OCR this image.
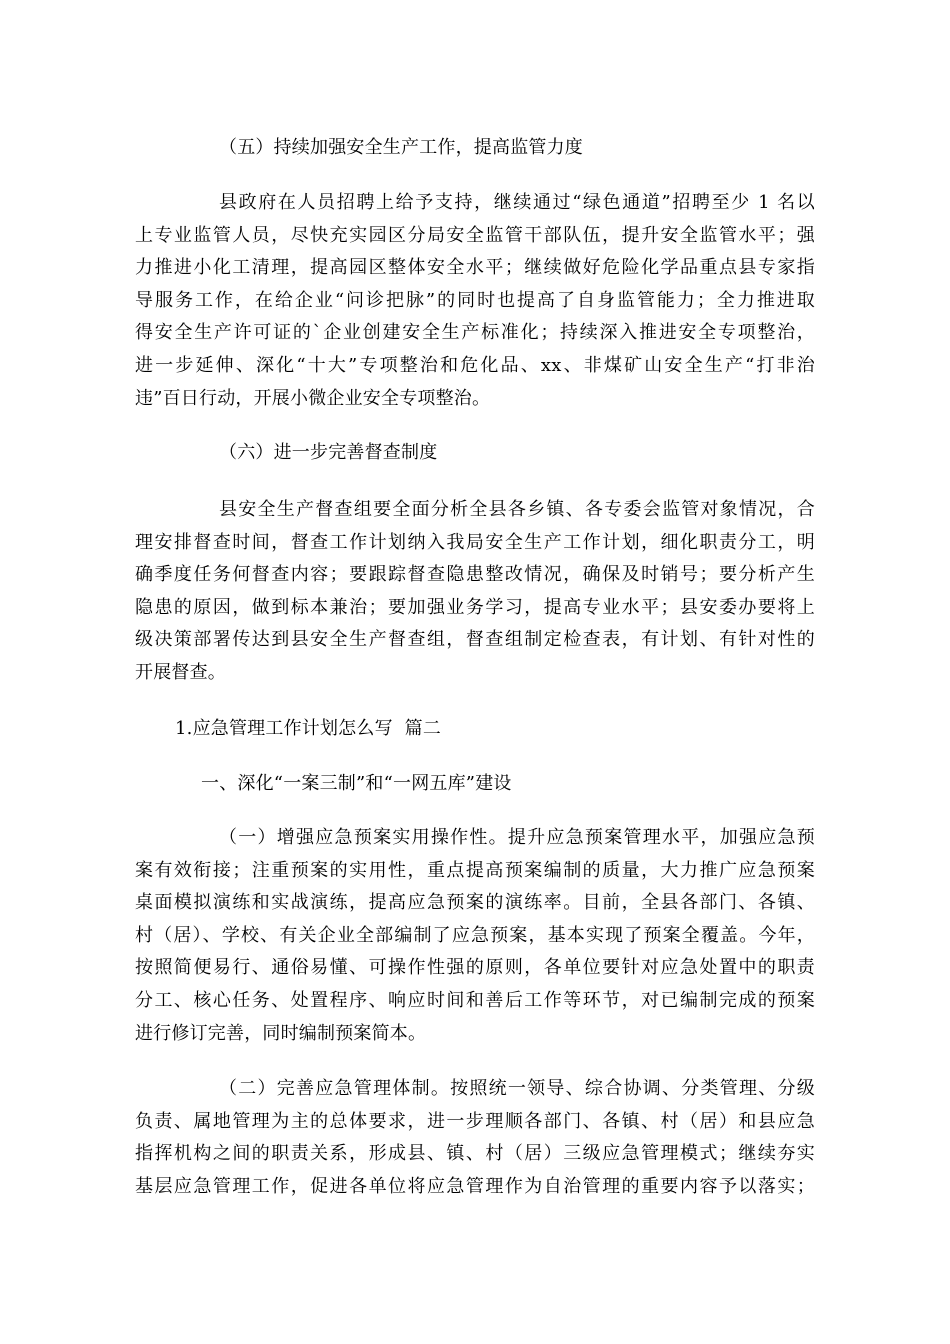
（五）持续加强安全生产工作，提高监管力度
县政府在人员招聘上给予支持，继续通过“绿色通道”招聘至少 1 名以
上专业监管人员，尽快充实园区分局安全监管干部队伍，提升安全监管水平；强
力推进小化工清理，提高园区整体安全水平；继续做好危险化学品重点县专家指
导服务工作，在给企业“问诊把脉”的同时也提高了自身监管能力；全力推进取
得安全生产许可证的`企业创建安全生产标准化；持续深入推进安全专项整治，
进一步延伸、深化“十大”专项整治和危化品、xx、非煤矿山安全生产“打非治
违”百日行动，开展小微企业安全专项整治。
（六）进一步完善督查制度
县安全生产督查组要全面分析全县各乡镇、各专委会监管对象情况，合
理安排督查时间，督查工作计划纳入我局安全生产工作计划，细化职责分工，明
确季度任务何督查内容；要跟踪督查隐患整改情况，确保及时销号；要分析产生
隐患的原因，做到标本兼治；要加强业务学习，提高专业水平；县安委办要将上
级决策部署传达到县安全生产督查组，督查组制定检查表，有计划、有针对性的
开展督查。
1.应急管理工作计划怎么写  篇二
一、深化“一案三制”和“一网五库”建设
（一）增强应急预案实用操作性。提升应急预案管理水平，加强应急预
案有效衔接；注重预案的实用性，重点提高预案编制的质量，大力推广应急预案
桌面模拟演练和实战演练，提高应急预案的演练率。目前，全县各部门、各镇、
村（居）、学校、有关企业全部编制了应急预案，基本实现了预案全覆盖。今年，
按照简便易行、通俗易懂、可操作性强的原则，各单位要针对应急处置中的职责
分工、核心任务、处置程序、响应时间和善后工作等环节，对已编制完成的预案
进行修订完善，同时编制预案简本。
（二）完善应急管理体制。按照统一领导、综合协调、分类管理、分级
负责、属地管理为主的总体要求，进一步理顺各部门、各镇、村（居）和县应急
指挥机构之间的职责关系，形成县、镇、村（居）三级应急管理模式；继续夯实
基层应急管理工作，促进各单位将应急管理作为自治管理的重要内容予以落实；
